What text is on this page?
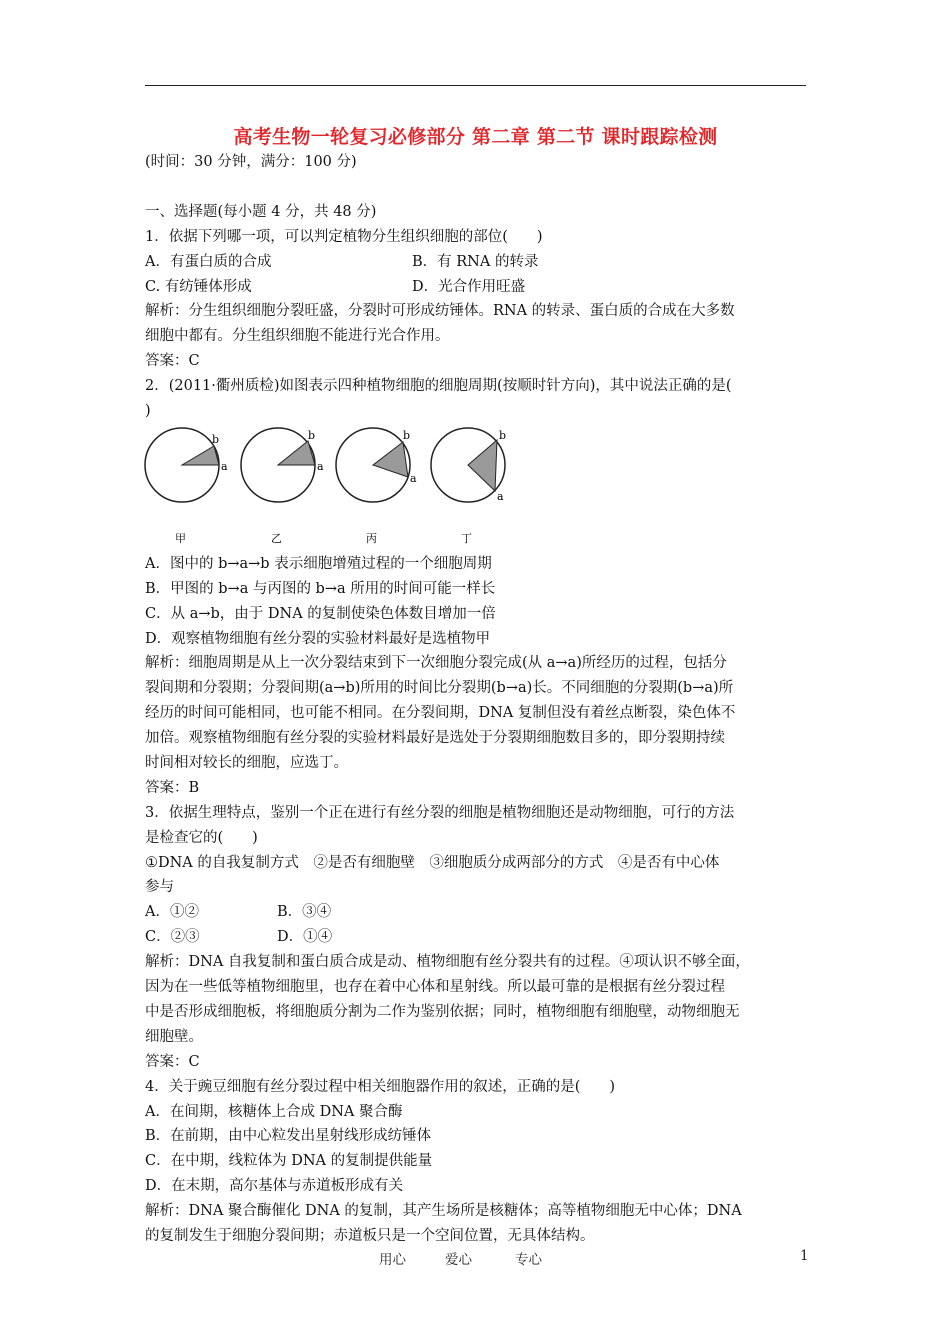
高考生物一轮复习必修部分 第二章 第二节 课时跟踪检测
(时间：30 分钟，满分：100 分)
一、选择题(每小题 4 分，共 48 分)
1．依据下列哪一项，可以判定植物分生组织细胞的部位(　　)
A．有蛋白质的合成	B．有 RNA 的转录
C. 有纺锤体形成	D．光合作用旺盛
解析：分生组织细胞分裂旺盛，分裂时可形成纺锤体。RNA 的转录、蛋白质的合成在大多数
细胞中都有。分生组织细胞不能进行光合作用。
答案：C
2．(2011·衢州质检)如图表示四种植物细胞的细胞周期(按顺时针方向)，其中说法正确的是(
)
b
a
甲
b
a
乙
b
a
丙
b
a
丁
A．图中的 b→a→b 表示细胞增殖过程的一个细胞周期
B．甲图的 b→a 与丙图的 b→a 所用的时间可能一样长
C．从 a→b，由于 DNA 的复制使染色体数目增加一倍
D．观察植物细胞有丝分裂的实验材料最好是选植物甲
解析：细胞周期是从上一次分裂结束到下一次细胞分裂完成(从 a→a)所经历的过程，包括分
裂间期和分裂期；分裂间期(a→b)所用的时间比分裂期(b→a)长。不同细胞的分裂期(b→a)所
经历的时间可能相同，也可能不相同。在分裂间期，DNA 复制但没有着丝点断裂，染色体不
加倍。观察植物细胞有丝分裂的实验材料最好是选处于分裂期细胞数目多的，即分裂期持续
时间相对较长的细胞，应选丁。
答案：B
3．依据生理特点，鉴别一个正在进行有丝分裂的细胞是植物细胞还是动物细胞，可行的方法
是检查它的(　　)
①DNA 的自我复制方式　②是否有细胞壁　③细胞质分成两部分的方式　④是否有中心体
参与
A．①②	B．③④
C．②③	D．①④
解析：DNA 自我复制和蛋白质合成是动、植物细胞有丝分裂共有的过程。④项认识不够全面，
因为在一些低等植物细胞里，也存在着中心体和星射线。所以最可靠的是根据有丝分裂过程
中是否形成细胞板，将细胞质分割为二作为鉴别依据；同时，植物细胞有细胞壁，动物细胞无
细胞壁。
答案：C
4．关于豌豆细胞有丝分裂过程中相关细胞器作用的叙述，正确的是(　　)
A．在间期，核糖体上合成 DNA 聚合酶
B．在前期，由中心粒发出星射线形成纺锤体
C．在中期，线粒体为 DNA 的复制提供能量
D．在末期，高尔基体与赤道板形成有关
解析：DNA 聚合酶催化 DNA 的复制，其产生场所是核糖体；高等植物细胞无中心体；DNA
的复制发生于细胞分裂间期；赤道板只是一个空间位置，无具体结构。
用心	爱心	专心	1
